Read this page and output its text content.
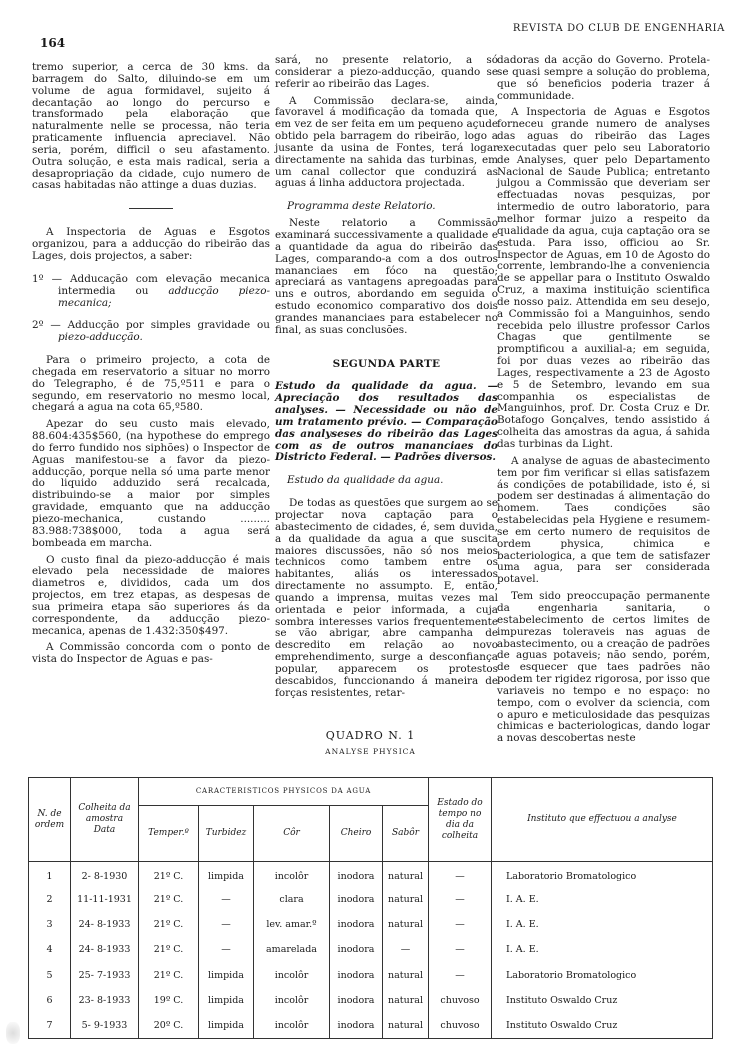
164
REVISTA DO CLUB DE ENGENHARIA

tremo superior, a cerca de 30 kms. da barragem do Salto, diluindo-se em um volume de agua formidavel, sujeito á decantação ao longo do percurso e transformado pela elaboração que naturalmente nelle se processa, não teria praticamente influencia apreciavel. Não seria, porém, difficil o seu afastamento. Outra solução, e esta mais radical, seria a desapropriação da cidade, cujo numero de casas habitadas não attinge a duas duzias.

A Inspectoria de Aguas e Esgotos organizou, para a adducção do ribeirão das Lages, dois projectos, a saber:

1º — Adducação com elevação mecanica intermedia ou adducção piezo-mecanica;

2º — Adducção por simples gravidade ou piezo-adducção.

Para o primeiro projecto, a cota de chegada em reservatorio a situar no morro do Telegrapho, é de 75,º511 e para o segundo, em reservatorio no mesmo local, chegará a agua na cota 65,º580.

Apezar do seu custo mais elevado, 88.604:435$560, (na hypothese do emprego do ferro fundido nos siphões) o Inspector de Aguas manifestou-se a favor da piezo-adducção, porque nella só uma parte menor do liquido adduzido será recalcada, distribuindo-se a maior por simples gravidade, emquanto que na adducção piezo-mechanica, custando ......... 83.988:738$000, toda a agua será bombeada em marcha.

O custo final da piezo-adducção é mais elevado pela necessidade de maiores diametros e, divididos, cada um dos projectos, em trez etapas, as despesas de sua primeira etapa são superiores ás da correspondente, da adducção piezo-mecanica, apenas de 1.432:350$497.

A Commissão concorda com o ponto de vista do Inspector de Aguas e pas-

sará, no presente relatorio, a só considerar a piezo-adducção, quando se referir ao ribeirão das Lages.

A Commissão declara-se, ainda, favoravel á modificação da tomada que, em vez de ser feita em um pequeno açude obtido pela barragem do ribeirão, logo a jusante da usina de Fontes, terá logar directamente na sahida das turbinas, em um canal collector que conduzirá as aguas á linha adductora projectada.

Programma deste Relatorio.

Neste relatorio a Commissão examinará successivamente a qualidade e a quantidade da agua do ribeirão das Lages, comparando-a com a dos outros mananciaes em fóco na questão; apreciará as vantagens apregoadas para uns e outros, abordando em seguida o estudo economico comparativo dos dois grandes mananciaes para estabelecer no final, as suas conclusões.

SEGUNDA PARTE

Estudo da qualidade da agua. — Apreciação dos resultados das analyses. — Necessidade ou não de um tratamento prévio. — Comparação das analyseses do ribeirão das Lages com as de outros mananciaes do Districto Federal. — Padrões diversos.

Estudo da qualidade da agua.

De todas as questões que surgem ao se projectar nova captação para o abastecimento de cidades, é, sem duvida, a da qualidade da agua a que suscita maiores discussões, não só nos meios technicos como tambem entre os habitantes, aliás os interessados directamente no assumpto. E, então, quando a imprensa, muitas vezes mal orientada e peior informada, a cuja sombra interesses varios frequentemente se vão abrigar, abre campanha de descredito em relação ao novo emprehendimento, surge a desconfiança popular, apparecem os protestos descabidos, funccionando á maneira de forças resistentes, retar-

dadoras da acção do Governo. Protela-se quasi sempre a solução do problema, que só beneficios poderia trazer á communidade.

A Inspectoria de Aguas e Esgotos forneceu grande numero de analyses das aguas do ribeirão das Lages executadas quer pelo seu Laboratorio de Analyses, quer pelo Departamento Nacional de Saude Publica; entretanto julgou a Commissão que deveriam ser effectuadas novas pesquizas, por intermedio de outro laboratorio, para melhor formar juizo a respeito da qualidade da agua, cuja captação ora se estuda. Para isso, officiou ao Sr. Inspector de Aguas, em 10 de Agosto do corrente, lembrando-lhe a conveniencia de se appellar para o Instituto Oswaldo Cruz, a maxima instituição scientifica de nosso paiz. Attendida em seu desejo, a Commissão foi a Manguinhos, sendo recebida pelo illustre professor Carlos Chagas que gentilmente se promptificou a auxilial-a; em seguida, foi por duas vezes ao ribeirão das Lages, respectivamente a 23 de Agosto e 5 de Setembro, levando em sua companhia os especialistas de Manguinhos, prof. Dr. Costa Cruz e Dr. Botafogo Gonçalves, tendo assistido á colheita das amostras da agua, á sahida das turbinas da Light.

A analyse de aguas de abastecimento tem por fim verificar si ellas satisfazem ás condições de potabilidade, isto é, si podem ser destinadas á alimentação do homem. Taes condições são estabelecidas pela Hygiene e resumem-se em certo numero de requisitos de ordem physica, chimica e bacteriologica, a que tem de satisfazer uma agua, para ser considerada potavel.

Tem sido preoccupação permanente da engenharia sanitaria, o estabelecimento de certos limites de impurezas toleraveis nas aguas de abastecimento, ou a creação de padrões de aguas potaveis; não sendo, porém, de esquecer que taes padrões não podem ter rigidez rigorosa, por isso que variaveis no tempo e no espaço: no tempo, com o evolver da sciencia, com o apuro e meticulosidade das pesquizas chimicas e bacteriologicas, dando logar a novas descobertas neste

QUADRO N. 1
ANALYSE PHYSICA
N. de ordem	Colheita da amostra Data	CARACTERISTICOS PHYSICOS DA AGUA					Estado do tempo no dia da colheita	Instituto que effectuou a analyse
		Temper.º	Turbidez	Côr	Cheiro	Sabôr		
1	2- 8-1930	21º C.	limpida	incolôr	inodora	natural	—	Laboratorio Bromatologico
2	11-11-1931	21º C.	—	clara	inodora	natural	—	I. A. E.
3	24- 8-1933	21º C.	—	lev. amar.º	inodora	natural	—	I. A. E.
4	24- 8-1933	21º C.	—	amarelada	inodora	—	—	I. A. E.
5	25- 7-1933	21º C.	limpida	incolôr	inodora	natural	—	Laboratorio Bromatologico
6	23- 8-1933	19º C.	limpida	incolôr	inodora	natural	chuvoso	Instituto Oswaldo Cruz
7	5- 9-1933	20º C.	limpida	incolôr	inodora	natural	chuvoso	Instituto Oswaldo Cruz
